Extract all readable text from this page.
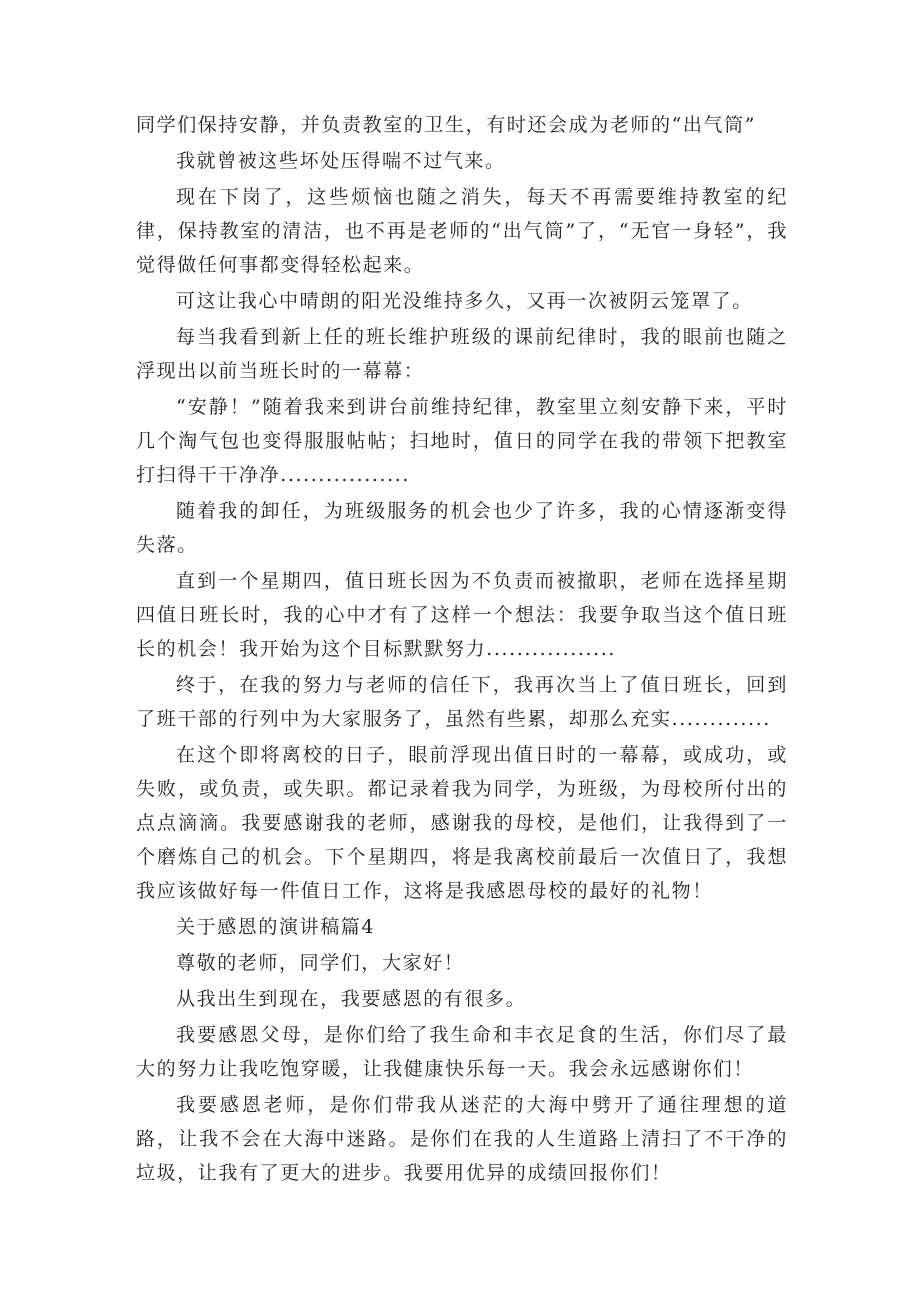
同学们保持安静，并负责教室的卫生，有时还会成为老师的“出气筒”

我就曾被这些坏处压得喘不过气来。

现在下岗了，这些烦恼也随之消失，每天不再需要维持教室的纪律，保持教室的清洁，也不再是老师的“出气筒”了，“无官一身轻”，我觉得做任何事都变得轻松起来。

可这让我心中晴朗的阳光没维持多久，又再一次被阴云笼罩了。

每当我看到新上任的班长维护班级的课前纪律时，我的眼前也随之浮现出以前当班长时的一幕幕：

“安静！”随着我来到讲台前维持纪律，教室里立刻安静下来，平时几个淘气包也变得服服帖帖；扫地时，值日的同学在我的带领下把教室打扫得干干净净.................

随着我的卸任，为班级服务的机会也少了许多，我的心情逐渐变得失落。

直到一个星期四，值日班长因为不负责而被撤职，老师在选择星期四值日班长时，我的心中才有了这样一个想法：我要争取当这个值日班长的机会！我开始为这个目标默默努力.................

终于，在我的努力与老师的信任下，我再次当上了值日班长，回到了班干部的行列中为大家服务了，虽然有些累，却那么充实.............

在这个即将离校的日子，眼前浮现出值日时的一幕幕，或成功，或失败，或负责，或失职。都记录着我为同学，为班级，为母校所付出的点点滴滴。我要感谢我的老师，感谢我的母校，是他们，让我得到了一个磨炼自己的机会。下个星期四，将是我离校前最后一次值日了，我想我应该做好每一件值日工作，这将是我感恩母校的最好的礼物！

关于感恩的演讲稿篇4

尊敬的老师，同学们，大家好！

从我出生到现在，我要感恩的有很多。

我要感恩父母，是你们给了我生命和丰衣足食的生活，你们尽了最大的努力让我吃饱穿暖，让我健康快乐每一天。我会永远感谢你们！

我要感恩老师，是你们带我从迷茫的大海中劈开了通往理想的道路，让我不会在大海中迷路。是你们在我的人生道路上清扫了不干净的垃圾，让我有了更大的进步。我要用优异的成绩回报你们！
